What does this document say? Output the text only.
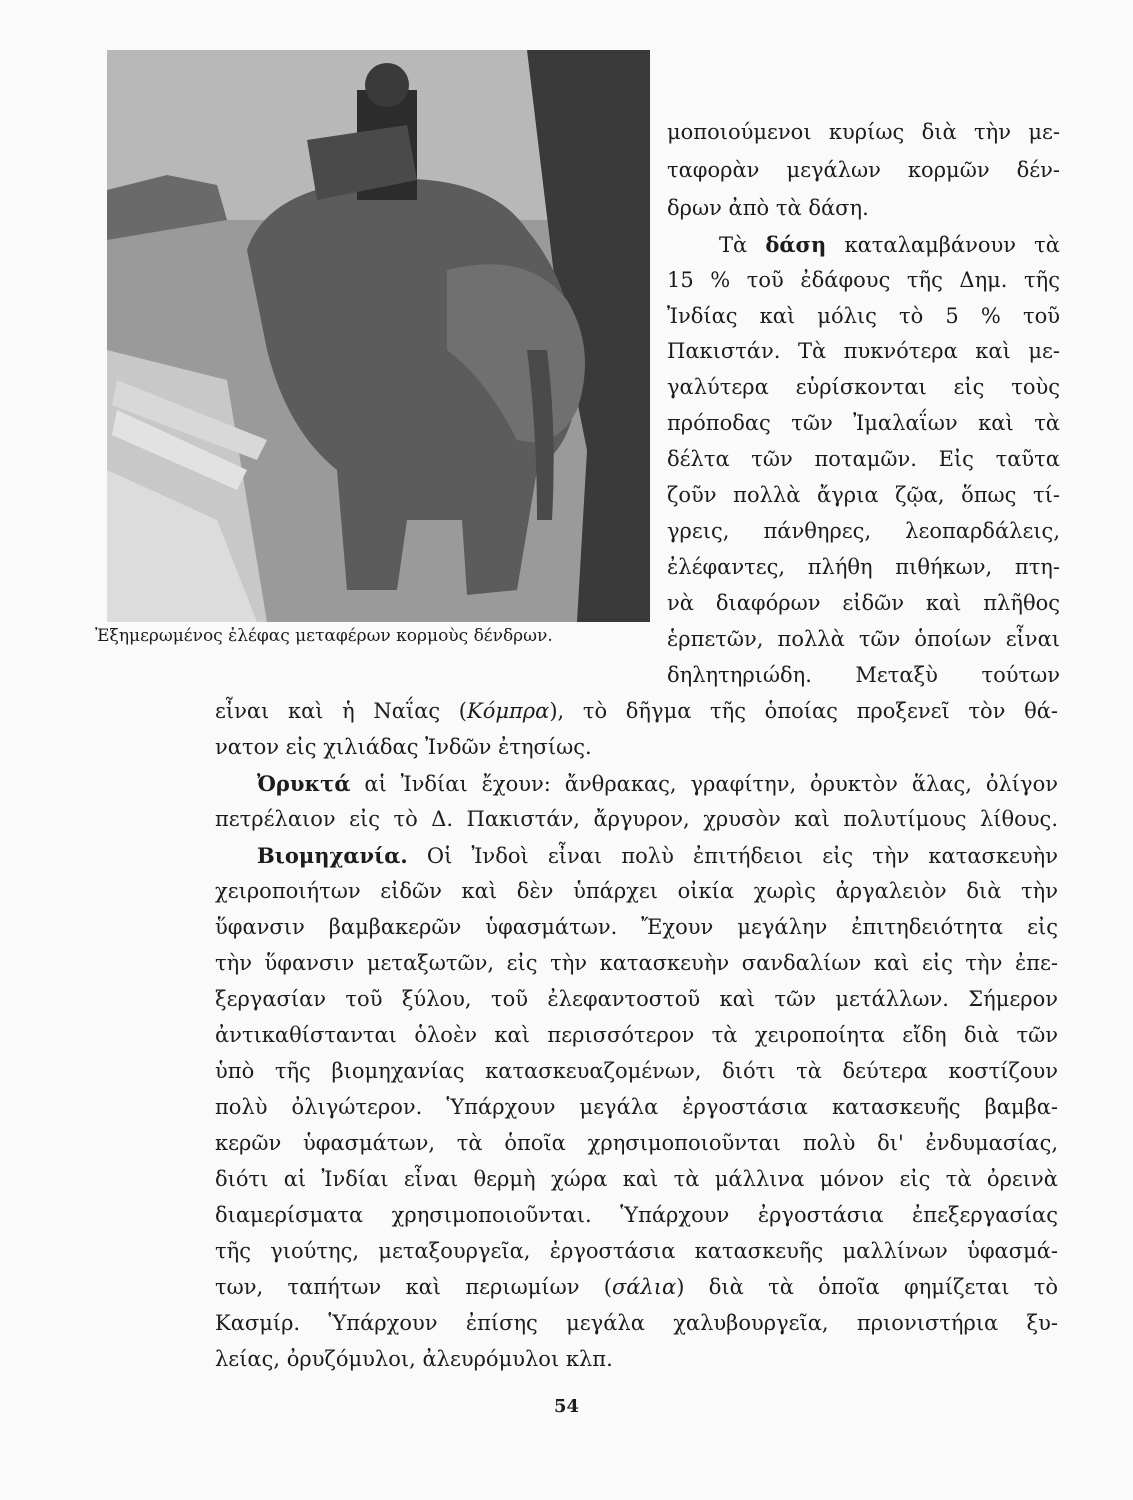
Ἐξημερωμένος ἐλέφας μεταφέρων κορμοὺς δένδρων.
μοποιούμενοι κυρίως διὰ τὴν με-
ταφορὰν μεγάλων κορμῶν δέν-
δρων ἀπὸ τὰ δάση.
Τὰ δάση καταλαμβάνουν τὰ
15 % τοῦ ἐδάφους τῆς Δημ. τῆς
Ἰνδίας καὶ μόλις τὸ 5 % τοῦ
Πακιστάν. Τὰ πυκνότερα καὶ με-
γαλύτερα εὑρίσκονται εἰς τοὺς
πρόποδας τῶν Ἰμαλαΐων καὶ τὰ
δέλτα τῶν ποταμῶν. Εἰς ταῦτα
ζοῦν πολλὰ ἄγρια ζῷα, ὅπως τί-
γρεις, πάνθηρες, λεοπαρδάλεις,
ἐλέφαντες, πλήθη πιθήκων, πτη-
νὰ διαφόρων εἰδῶν καὶ πλῆθος
ἑρπετῶν, πολλὰ τῶν ὁποίων εἶναι
δηλητηριώδη. Μεταξὺ τούτων
εἶναι καὶ ἡ Ναΐας (Κόμπρα), τὸ δῆγμα τῆς ὁποίας προξενεῖ τὸν θά-
νατον εἰς χιλιάδας Ἰνδῶν ἐτησίως.
Ὀρυκτά αἱ Ἰνδίαι ἔχουν: ἄνθρακας, γραφίτην, ὀρυκτὸν ἅλας, ὀλίγον
πετρέλαιον εἰς τὸ Δ. Πακιστάν, ἄργυρον, χρυσὸν καὶ πολυτίμους λίθους.
Βιομηχανία. Οἱ Ἰνδοὶ εἶναι πολὺ ἐπιτήδειοι εἰς τὴν κατασκευὴν
χειροποιήτων εἰδῶν καὶ δὲν ὑπάρχει οἰκία χωρὶς ἀργαλειὸν διὰ τὴν
ὕφανσιν βαμβακερῶν ὑφασμάτων. Ἔχουν μεγάλην ἐπιτηδειότητα εἰς
τὴν ὕφανσιν μεταξωτῶν, εἰς τὴν κατασκευὴν σανδαλίων καὶ εἰς τὴν ἐπε-
ξεργασίαν τοῦ ξύλου, τοῦ ἐλεφαντοστοῦ καὶ τῶν μετάλλων. Σήμερον
ἀντικαθίστανται ὁλοὲν καὶ περισσότερον τὰ χειροποίητα εἴδη διὰ τῶν
ὑπὸ τῆς βιομηχανίας κατασκευαζομένων, διότι τὰ δεύτερα κοστίζουν
πολὺ ὀλιγώτερον. Ὑπάρχουν μεγάλα ἐργοστάσια κατασκευῆς βαμβα-
κερῶν ὑφασμάτων, τὰ ὁποῖα χρησιμοποιοῦνται πολὺ δι' ἐνδυμασίας,
διότι αἱ Ἰνδίαι εἶναι θερμὴ χώρα καὶ τὰ μάλλινα μόνον εἰς τὰ ὀρεινὰ
διαμερίσματα χρησιμοποιοῦνται. Ὑπάρχουν ἐργοστάσια ἐπεξεργασίας
τῆς γιούτης, μεταξουργεῖα, ἐργοστάσια κατασκευῆς μαλλίνων ὑφασμά-
των, ταπήτων καὶ περιωμίων (σάλια) διὰ τὰ ὁποῖα φημίζεται τὸ
Κασμίρ. Ὑπάρχουν ἐπίσης μεγάλα χαλυβουργεῖα, πριονιστήρια ξυ-
λείας, ὀρυζόμυλοι, ἀλευρόμυλοι κλπ.
54
